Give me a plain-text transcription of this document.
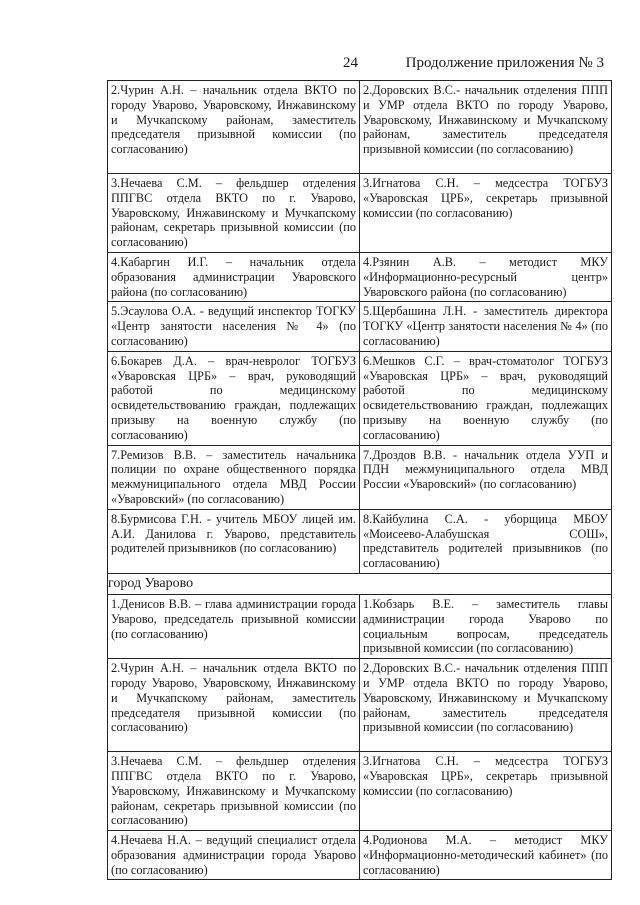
24	Продолжение приложения № 3
2.Чурин А.Н. – начальник отдела ВКТО по городу Уварово, Уваровскому, Инжавинскому и Мучкапскому районам, заместитель председателя призывной комиссии (по согласованию)	2.Доровских В.С.- начальник отделения ППП и УМР отдела ВКТО по городу Уварово, Уваровскому, Инжавинскому и Мучкапскому районам, заместитель председателя призывной комиссии (по согласованию)
3.Нечаева С.М. – фельдшер отделения ППГВС отдела ВКТО по г. Уварово, Уваровскому, Инжавинскому и Мучкапскому районам, секретарь призывной комиссии (по согласованию)	3.Игнатова С.Н. – медсестра ТОГБУЗ «Уваровская ЦРБ», секретарь призывной комиссии (по согласованию)
4.Кабаргин И.Г. – начальник отдела образования администрации Уваровского района (по согласованию)	4.Рзянин А.В. – методист МКУ «Информационно-ресурсный центр» Уваровского района (по согласованию)
5.Эсаулова О.А. - ведущий инспектор ТОГКУ «Центр занятости населения № 4» (по согласованию)	5.Щербашина Л.Н. - заместитель директора ТОГКУ «Центр занятости населения № 4» (по согласованию)
6.Бокарев Д.А. – врач-невролог ТОГБУЗ «Уваровская ЦРБ» – врач, руководящий работой по медицинскому освидетельствованию граждан, подлежащих призыву на военную службу (по согласованию)	6.Мешков С.Г. – врач-стоматолог ТОГБУЗ «Уваровская ЦРБ» – врач, руководящий работой по медицинскому освидетельствованию граждан, подлежащих призыву на военную службу (по согласованию)
7.Ремизов В.В. – заместитель начальника полиции по охране общественного порядка межмуниципального отдела МВД России «Уваровский» (по согласованию)	7.Дроздов В.В. - начальник отдела УУП и ПДН межмуниципального отдела МВД России «Уваровский» (по согласованию)
8.Бурмисова Г.Н. - учитель МБОУ лицей им. А.И. Данилова г. Уварово, представитель родителей призывников (по согласованию)	8.Кайбулина С.А. - уборщица МБОУ «Моисеево-Алабушская СОШ», представитель родителей призывников (по согласованию)
город Уварово	
1.Денисов В.В. – глава администрации города Уварово, председатель призывной комиссии (по согласованию)	1.Кобзарь В.Е. – заместитель главы администрации города Уварово по социальным вопросам, председатель призывной комиссии (по согласованию)
2.Чурин А.Н. – начальник отдела ВКТО по городу Уварово, Уваровскому, Инжавинскому и Мучкапскому районам, заместитель председателя призывной комиссии (по согласованию)	2.Доровских В.С.- начальник отделения ППП и УМР отдела ВКТО по городу Уварово, Уваровскому, Инжавинскому и Мучкапскому районам, заместитель председателя призывной комиссии (по согласованию)
3.Нечаева С.М. – фельдшер отделения ППГВС отдела ВКТО по г. Уварово, Уваровскому, Инжавинскому и Мучкапскому районам, секретарь призывной комиссии (по согласованию)	3.Игнатова С.Н. – медсестра ТОГБУЗ «Уваровская ЦРБ», секретарь призывной комиссии (по согласованию)
4.Нечаева Н.А. – ведущий специалист отдела образования администрации города Уварово (по согласованию)	4.Родионова М.А. – методист МКУ «Информационно-методический кабинет» (по согласованию)
